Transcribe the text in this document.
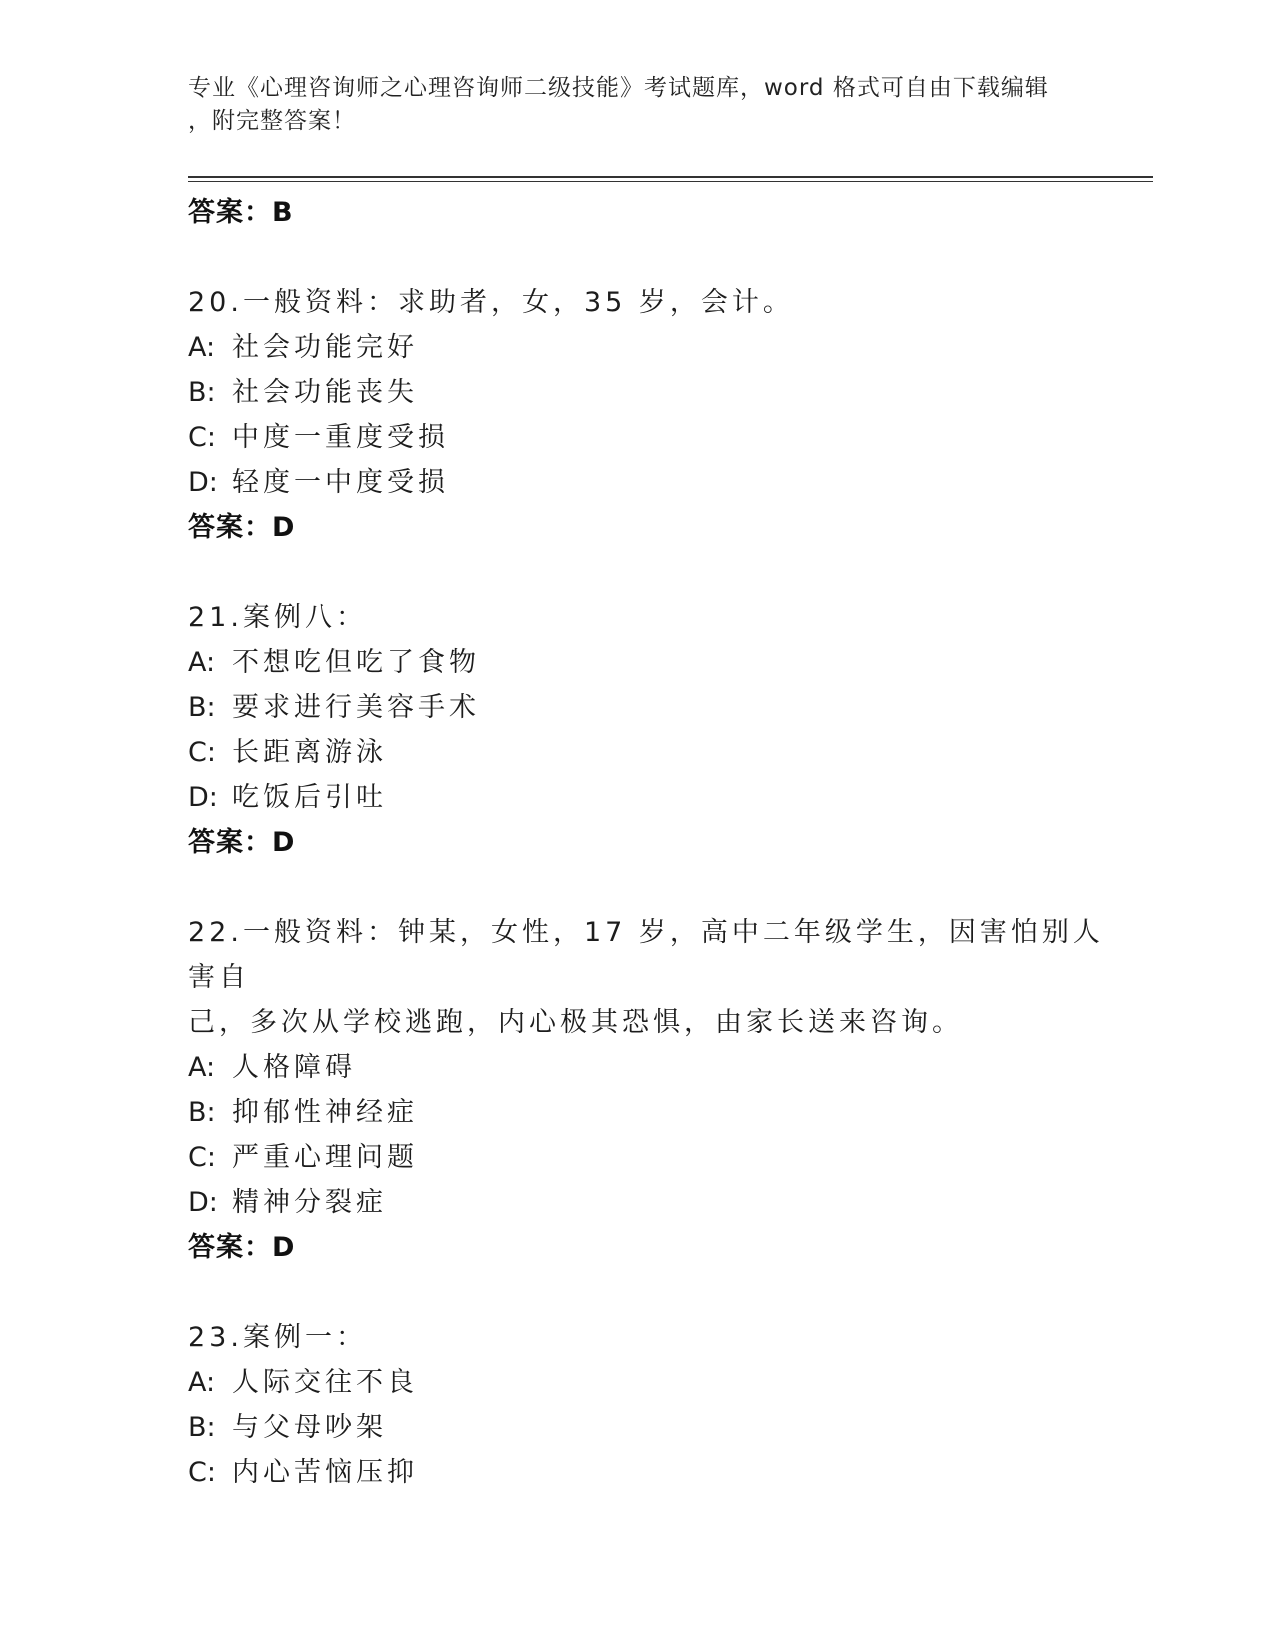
专业《心理咨询师之心理咨询师二级技能》考试题库，word 格式可自由下载编辑
，附完整答案！
答案：B
20.一般资料：求助者，女，35 岁，会计。
A: 社会功能完好
B: 社会功能丧失
C: 中度一重度受损
D: 轻度一中度受损
答案：D
21.案例八：
A: 不想吃但吃了食物
B: 要求进行美容手术
C: 长距离游泳
D: 吃饭后引吐
答案：D
22.一般资料：钟某，女性，17 岁，高中二年级学生，因害怕别人害自
己，多次从学校逃跑，内心极其恐惧，由家长送来咨询。
A: 人格障碍
B: 抑郁性神经症
C: 严重心理问题
D: 精神分裂症
答案：D
23.案例一：
A: 人际交往不良
B: 与父母吵架
C: 内心苦恼压抑
